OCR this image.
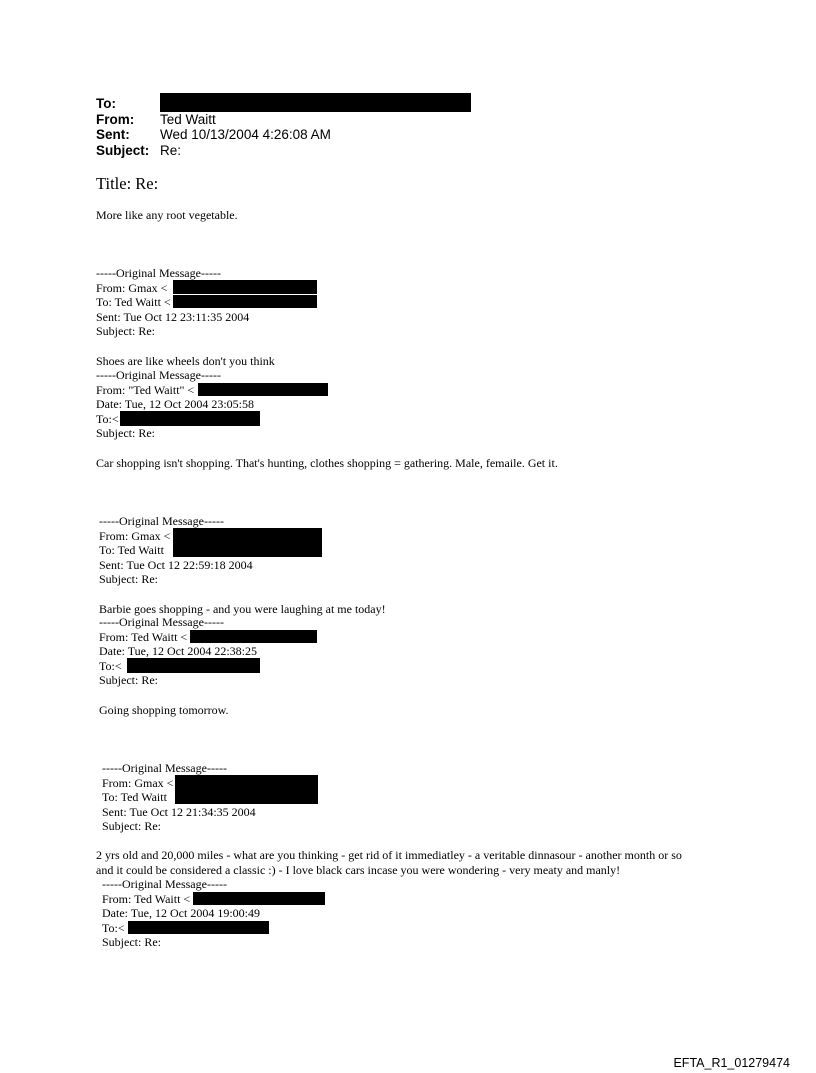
To:
From: Ted Waitt
Sent: Wed 10/13/2004 4:26:08 AM
Subject: Re:
Title: Re:
More like any root vegetable.
-----Original Message-----
From: Gmax <
To: Ted Waitt <
Sent: Tue Oct 12 23:11:35 2004
Subject: Re:
Shoes are like wheels don't you think
-----Original Message-----
From: "Ted Waitt" <
Date: Tue, 12 Oct 2004 23:05:58
To:<
Subject: Re:
Car shopping isn't shopping. That's hunting, clothes shopping = gathering. Male, femaile. Get it.
-----Original Message-----
From: Gmax <
To: Ted Waitt
Sent: Tue Oct 12 22:59:18 2004
Subject: Re:
Barbie goes shopping - and you were laughing at me today!
-----Original Message-----
From: Ted Waitt <
Date: Tue, 12 Oct 2004 22:38:25
To:<
Subject: Re:
Going shopping tomorrow.
-----Original Message-----
From: Gmax <
To: Ted Waitt
Sent: Tue Oct 12 21:34:35 2004
Subject: Re:
2 yrs old and 20,000 miles - what are you thinking - get rid of it immediatley - a veritable dinnasour - another month or so
and it could be considered a classic :) - I love black cars incase you were wondering - very meaty and manly!
-----Original Message-----
From: Ted Waitt <
Date: Tue, 12 Oct 2004 19:00:49
To:<
Subject: Re:
EFTA_R1_01279474
